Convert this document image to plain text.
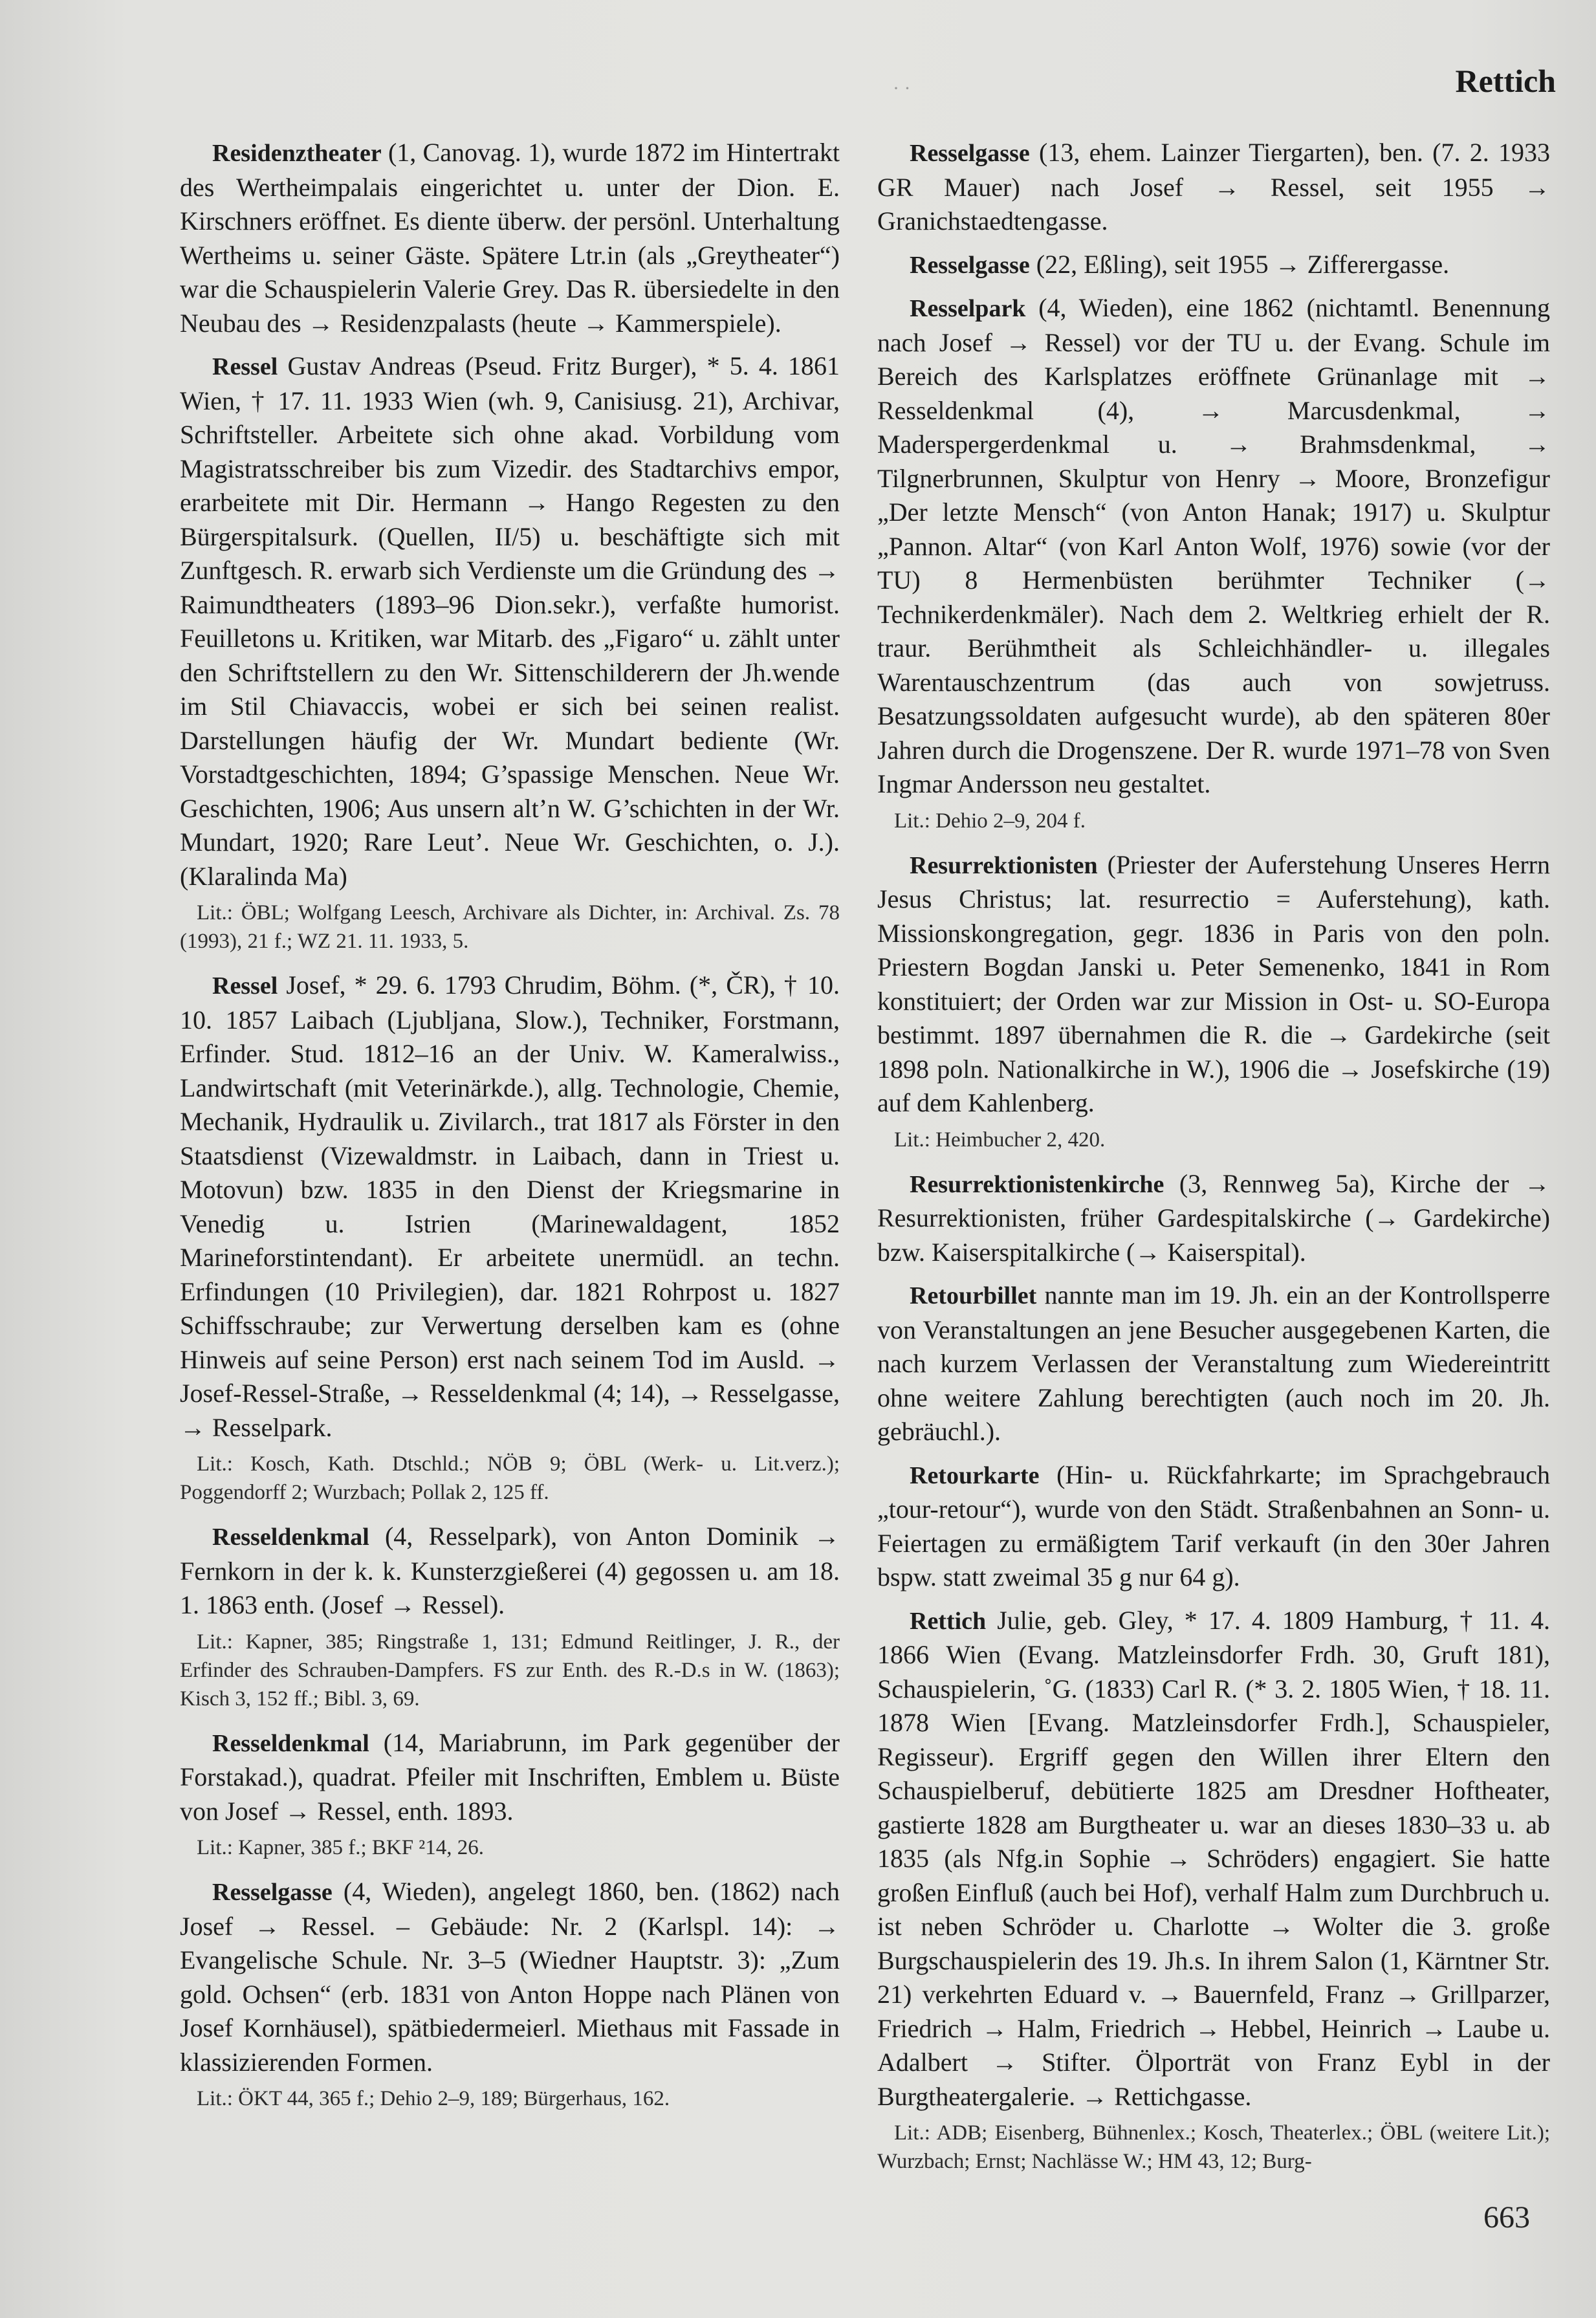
· ·	Rettich

Residenztheater (1, Canovag. 1), wurde 1872 im Hintertrakt des Wertheimpalais eingerichtet u. unter der Dion. E. Kirschners eröffnet. Es diente überw. der persönl. Unterhaltung Wertheims u. seiner Gäste. Spätere Ltr.in (als „Greytheater“) war die Schauspielerin Valerie Grey. Das R. übersiedelte in den Neubau des → Residenzpalasts (heute → Kammerspiele).

Ressel Gustav Andreas (Pseud. Fritz Burger), * 5. 4. 1861 Wien, † 17. 11. 1933 Wien (wh. 9, Canisiusg. 21), Archivar, Schriftsteller. Arbeitete sich ohne akad. Vorbildung vom Magistratsschreiber bis zum Vizedir. des Stadtarchivs empor, erarbeitete mit Dir. Hermann → Hango Regesten zu den Bürgerspitalsurk. (Quellen, II/5) u. beschäftigte sich mit Zunftgesch. R. erwarb sich Verdienste um die Gründung des → Raimundtheaters (1893–96 Dion.sekr.), verfaßte humorist. Feuilletons u. Kritiken, war Mitarb. des „Figaro“ u. zählt unter den Schriftstellern zu den Wr. Sittenschilderern der Jh.wende im Stil Chiavaccis, wobei er sich bei seinen realist. Darstellungen häufig der Wr. Mundart bediente (Wr. Vorstadtgeschichten, 1894; G’spassige Menschen. Neue Wr. Geschichten, 1906; Aus unsern alt’n W. G’schichten in der Wr. Mundart, 1920; Rare Leut’. Neue Wr. Geschichten, o. J.). (Klaralinda Ma)

Lit.: ÖBL; Wolfgang Leesch, Archivare als Dichter, in: Archival. Zs. 78 (1993), 21 f.; WZ 21. 11. 1933, 5.

Ressel Josef, * 29. 6. 1793 Chrudim, Böhm. (*, ČR), † 10. 10. 1857 Laibach (Ljubljana, Slow.), Techniker, Forstmann, Erfinder. Stud. 1812–16 an der Univ. W. Kameralwiss., Landwirtschaft (mit Veterinärkde.), allg. Technologie, Chemie, Mechanik, Hydraulik u. Zivilarch., trat 1817 als Förster in den Staatsdienst (Vizewaldmstr. in Laibach, dann in Triest u. Motovun) bzw. 1835 in den Dienst der Kriegsmarine in Venedig u. Istrien (Marinewaldagent, 1852 Marineforstintendant). Er arbeitete unermüdl. an techn. Erfindungen (10 Privilegien), dar. 1821 Rohrpost u. 1827 Schiffsschraube; zur Verwertung derselben kam es (ohne Hinweis auf seine Person) erst nach seinem Tod im Ausld. → Josef-Ressel-Straße, → Resseldenkmal (4; 14), → Resselgasse, → Resselpark.

Lit.: Kosch, Kath. Dtschld.; NÖB 9; ÖBL (Werk- u. Lit.verz.); Poggendorff 2; Wurzbach; Pollak 2, 125 ff.

Resseldenkmal (4, Resselpark), von Anton Dominik → Fernkorn in der k. k. Kunsterzgießerei (4) gegossen u. am 18. 1. 1863 enth. (Josef → Ressel).

Lit.: Kapner, 385; Ringstraße 1, 131; Edmund Reitlinger, J. R., der Erfinder des Schrauben-Dampfers. FS zur Enth. des R.-D.s in W. (1863); Kisch 3, 152 ff.; Bibl. 3, 69.

Resseldenkmal (14, Mariabrunn, im Park gegenüber der Forstakad.), quadrat. Pfeiler mit Inschriften, Emblem u. Büste von Josef → Ressel, enth. 1893.

Lit.: Kapner, 385 f.; BKF ²14, 26.

Resselgasse (4, Wieden), angelegt 1860, ben. (1862) nach Josef → Ressel. – Gebäude: Nr. 2 (Karlspl. 14): → Evangelische Schule. Nr. 3–5 (Wiedner Hauptstr. 3): „Zum gold. Ochsen“ (erb. 1831 von Anton Hoppe nach Plänen von Josef Kornhäusel), spätbiedermeierl. Miethaus mit Fassade in klassizierenden Formen.

Lit.: ÖKT 44, 365 f.; Dehio 2–9, 189; Bürgerhaus, 162.

Resselgasse (13, ehem. Lainzer Tiergarten), ben. (7. 2. 1933 GR Mauer) nach Josef → Ressel, seit 1955 → Granichstaedtengasse.

Resselgasse (22, Eßling), seit 1955 → Zifferergasse.

Resselpark (4, Wieden), eine 1862 (nichtamtl. Benennung nach Josef → Ressel) vor der TU u. der Evang. Schule im Bereich des Karlsplatzes eröffnete Grünanlage mit → Resseldenkmal (4), → Marcusdenkmal, → Maderspergerdenkmal u. → Brahmsdenkmal, → Tilgnerbrunnen, Skulptur von Henry → Moore, Bronzefigur „Der letzte Mensch“ (von Anton Hanak; 1917) u. Skulptur „Pannon. Altar“ (von Karl Anton Wolf, 1976) sowie (vor der TU) 8 Hermenbüsten berühmter Techniker (→ Technikerdenkmäler). Nach dem 2. Weltkrieg erhielt der R. traur. Berühmtheit als Schleichhändler- u. illegales Warentauschzentrum (das auch von sowjetruss. Besatzungssoldaten aufgesucht wurde), ab den späteren 80er Jahren durch die Drogenszene. Der R. wurde 1971–78 von Sven Ingmar Andersson neu gestaltet.

Lit.: Dehio 2–9, 204 f.

Resurrektionisten (Priester der Auferstehung Unseres Herrn Jesus Christus; lat. resurrectio = Auferstehung), kath. Missionskongregation, gegr. 1836 in Paris von den poln. Priestern Bogdan Janski u. Peter Semenenko, 1841 in Rom konstituiert; der Orden war zur Mission in Ost- u. SO-Europa bestimmt. 1897 übernahmen die R. die → Gardekirche (seit 1898 poln. Nationalkirche in W.), 1906 die → Josefskirche (19) auf dem Kahlenberg.

Lit.: Heimbucher 2, 420.

Resurrektionistenkirche (3, Rennweg 5a), Kirche der → Resurrektionisten, früher Gardespitalskirche (→ Gardekirche) bzw. Kaiserspitalkirche (→ Kaiserspital).

Retourbillet nannte man im 19. Jh. ein an der Kontrollsperre von Veranstaltungen an jene Besucher ausgegebenen Karten, die nach kurzem Verlassen der Veranstaltung zum Wiedereintritt ohne weitere Zahlung berechtigten (auch noch im 20. Jh. gebräuchl.).

Retourkarte (Hin- u. Rückfahrkarte; im Sprachgebrauch „tour-retour“), wurde von den Städt. Straßenbahnen an Sonn- u. Feiertagen zu ermäßigtem Tarif verkauft (in den 30er Jahren bspw. statt zweimal 35 g nur 64 g).

Rettich Julie, geb. Gley, * 17. 4. 1809 Hamburg, † 11. 4. 1866 Wien (Evang. Matzleinsdorfer Frdh. 30, Gruft 181), Schauspielerin, ˚G. (1833) Carl R. (* 3. 2. 1805 Wien, † 18. 11. 1878 Wien [Evang. Matzleinsdorfer Frdh.], Schauspieler, Regisseur). Ergriff gegen den Willen ihrer Eltern den Schauspielberuf, debütierte 1825 am Dresdner Hoftheater, gastierte 1828 am Burgtheater u. war an dieses 1830–33 u. ab 1835 (als Nfg.in Sophie → Schröders) engagiert. Sie hatte großen Einfluß (auch bei Hof), verhalf Halm zum Durchbruch u. ist neben Schröder u. Charlotte → Wolter die 3. große Burgschauspielerin des 19. Jh.s. In ihrem Salon (1, Kärntner Str. 21) verkehrten Eduard v. → Bauernfeld, Franz → Grillparzer, Friedrich → Halm, Friedrich → Hebbel, Heinrich → Laube u. Adalbert → Stifter. Ölporträt von Franz Eybl in der Burgtheatergalerie. → Rettichgasse.

Lit.: ADB; Eisenberg, Bühnenlex.; Kosch, Theaterlex.; ÖBL (weitere Lit.); Wurzbach; Ernst; Nachlässe W.; HM 43, 12; Burg-

663
